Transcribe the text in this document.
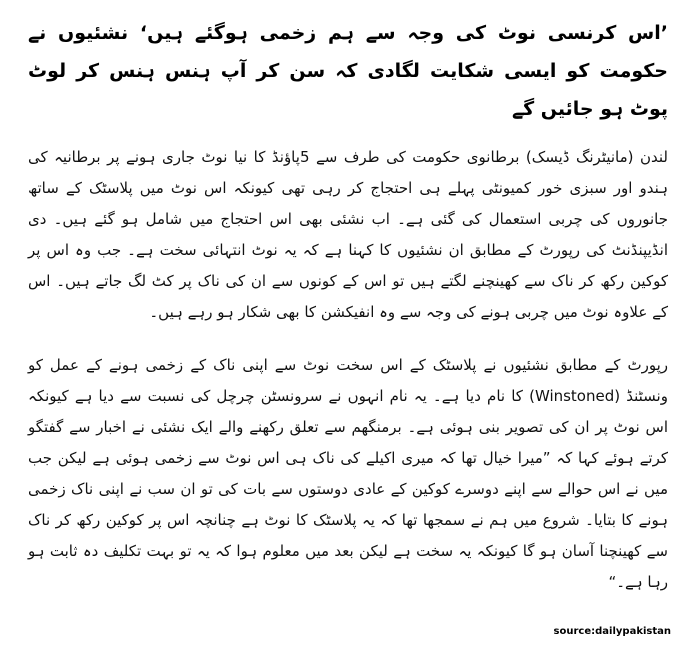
’اس کرنسی نوٹ کی وجہ سے ہم زخمی ہوگئے ہیں‘ نشئیوں نے حکومت کو ایسی شکایت لگادی کہ سن کر آپ ہنس ہنس کر لوٹ پوٹ ہو جائیں گے

لندن (مانیٹرنگ ڈیسک) برطانوی حکومت کی طرف سے 5پاﺅنڈ کا نیا نوٹ جاری ہونے پر برطانیہ کی ہندو اور سبزی خور کمیونٹی پہلے ہی احتجاج کر رہی تھی کیونکہ اس نوٹ میں پلاسٹک کے ساتھ جانوروں کی چربی استعمال کی گئی ہے۔ اب نشئی بھی اس احتجاج میں شامل ہو گئے ہیں۔ دی انڈیپنڈنٹ کی رپورٹ کے مطابق ان نشئیوں کا کہنا ہے کہ یہ نوٹ انتہائی سخت ہے۔ جب وہ اس پر کوکین رکھ کر ناک سے کھینچنے لگتے ہیں تو اس کے کونوں سے ان کی ناک پر کٹ لگ جاتے ہیں۔ اس کے علاوہ نوٹ میں چربی ہونے کی وجہ سے وہ انفیکشن کا بھی شکار ہو رہے ہیں۔

رپورٹ کے مطابق نشئیوں نے پلاسٹک کے اس سخت نوٹ سے اپنی ناک کے زخمی ہونے کے عمل کو ونسٹنڈ (Winstoned) کا نام دیا ہے۔ یہ نام انہوں نے سرونسٹن چرچل کی نسبت سے دیا ہے کیونکہ اس نوٹ پر ان کی تصویر بنی ہوئی ہے۔ برمنگھم سے تعلق رکھنے والے ایک نشئی نے اخبار سے گفتگو کرتے ہوئے کہا کہ ”میرا خیال تھا کہ میری اکیلے کی ناک ہی اس نوٹ سے زخمی ہوئی ہے لیکن جب میں نے اس حوالے سے اپنے دوسرے کوکین کے عادی دوستوں سے بات کی تو ان سب نے اپنی ناک زخمی ہونے کا بتایا۔ شروع میں ہم نے سمجھا تھا کہ یہ پلاسٹک کا نوٹ ہے چنانچہ اس پر کوکین رکھ کر ناک سے کھینچنا آسان ہو گا کیونکہ یہ سخت ہے لیکن بعد میں معلوم ہوا کہ یہ تو بہت تکلیف دہ ثابت ہو رہا ہے۔“

source:dailypakistan
